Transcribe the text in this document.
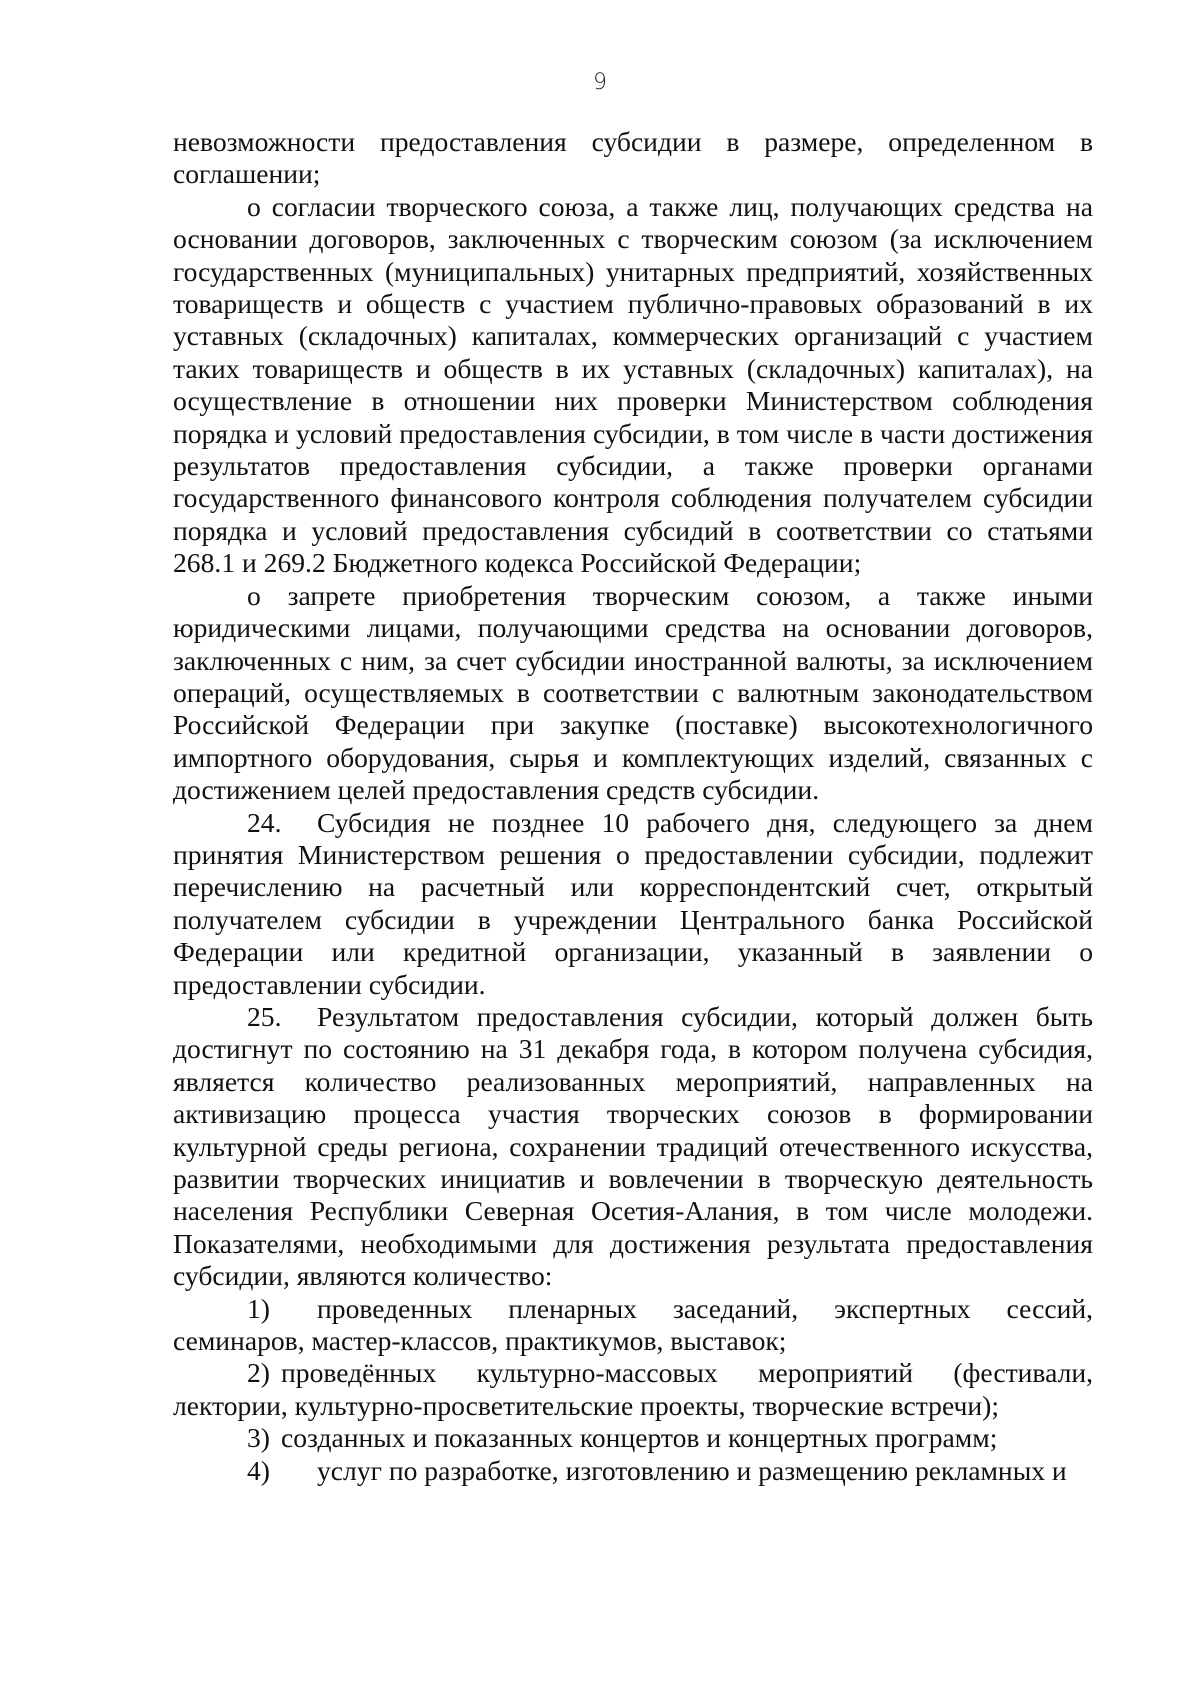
9

невозможности предоставления субсидии в размере, определенном в соглашении;

о согласии творческого союза, а также лиц, получающих средства на основании договоров, заключенных с творческим союзом (за исключением государственных (муниципальных) унитарных предприятий, хозяйственных товариществ и обществ с участием публично-правовых образований в их уставных (складочных) капиталах, коммерческих организаций с участием таких товариществ и обществ в их уставных (складочных) капиталах), на осуществление в отношении них проверки Министерством соблюдения порядка и условий предоставления субсидии, в том числе в части достижения результатов предоставления субсидии, а также проверки органами государственного финансового контроля соблюдения получателем субсидии порядка и условий предоставления субсидий в соответствии со статьями 268.1 и 269.2 Бюджетного кодекса Российской Федерации;

о запрете приобретения творческим союзом, а также иными юридическими лицами, получающими средства на основании договоров, заключенных с ним, за счет субсидии иностранной валюты, за исключением операций, осуществляемых в соответствии с валютным законодательством Российской Федерации при закупке (поставке) высокотехнологичного импортного оборудования, сырья и комплектующих изделий, связанных с достижением целей предоставления средств субсидии.

24. Субсидия не позднее 10 рабочего дня, следующего за днем принятия Министерством решения о предоставлении субсидии, подлежит перечислению на расчетный или корреспондентский счет, открытый получателем субсидии в учреждении Центрального банка Российской Федерации или кредитной организации, указанный в заявлении о предоставлении субсидии.

25. Результатом предоставления субсидии, который должен быть достигнут по состоянию на 31 декабря года, в котором получена субсидия, является количество реализованных мероприятий, направленных на активизацию процесса участия творческих союзов в формировании культурной среды региона, сохранении традиций отечественного искусства, развитии творческих инициатив и вовлечении в творческую деятельность населения Республики Северная Осетия-Алания, в том числе молодежи. Показателями, необходимыми для достижения результата предоставления субсидии, являются количество:

1) проведенных пленарных заседаний, экспертных сессий, семинаров, мастер-классов, практикумов, выставок;

2) проведённых культурно-массовых мероприятий (фестивали, лектории, культурно-просветительские проекты, творческие встречи);

3) созданных и показанных концертов и концертных программ;

4) услуг по разработке, изготовлению и размещению рекламных и
